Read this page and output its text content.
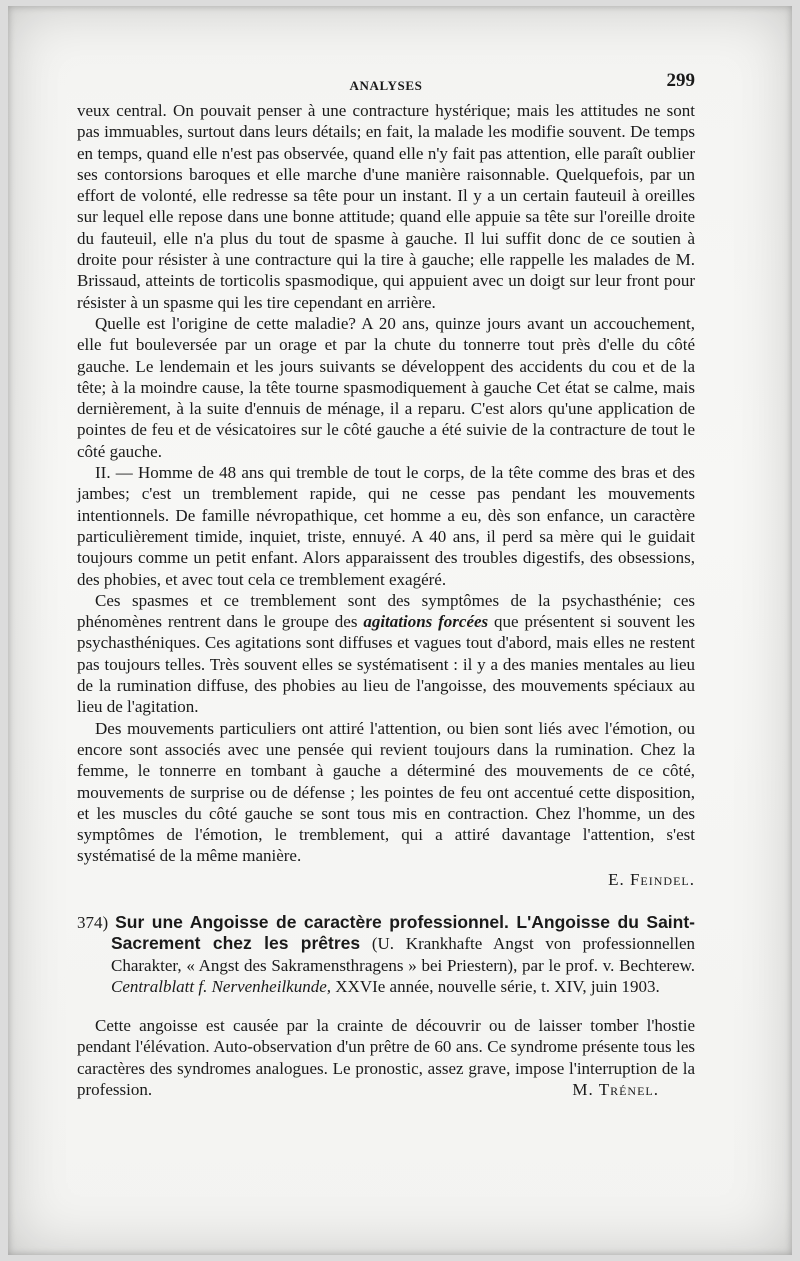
ANALYSES	299

veux central. On pouvait penser à une contracture hystérique; mais les attitudes ne sont pas immuables, surtout dans leurs détails; en fait, la malade les modifie souvent. De temps en temps, quand elle n'est pas observée, quand elle n'y fait pas attention, elle paraît oublier ses contorsions baroques et elle marche d'une manière raisonnable. Quelquefois, par un effort de volonté, elle redresse sa tête pour un instant. Il y a un certain fauteuil à oreilles sur lequel elle repose dans une bonne attitude; quand elle appuie sa tête sur l'oreille droite du fauteuil, elle n'a plus du tout de spasme à gauche. Il lui suffit donc de ce soutien à droite pour résister à une contracture qui la tire à gauche; elle rappelle les malades de M. Brissaud, atteints de torticolis spasmodique, qui appuient avec un doigt sur leur front pour résister à un spasme qui les tire cependant en arrière.

Quelle est l'origine de cette maladie? A 20 ans, quinze jours avant un accouchement, elle fut bouleversée par un orage et par la chute du tonnerre tout près d'elle du côté gauche. Le lendemain et les jours suivants se développent des accidents du cou et de la tête; à la moindre cause, la tête tourne spasmodiquement à gauche Cet état se calme, mais dernièrement, à la suite d'ennuis de ménage, il a reparu. C'est alors qu'une application de pointes de feu et de vésicatoires sur le côté gauche a été suivie de la contracture de tout le côté gauche.

II. — Homme de 48 ans qui tremble de tout le corps, de la tête comme des bras et des jambes; c'est un tremblement rapide, qui ne cesse pas pendant les mouvements intentionnels. De famille névropathique, cet homme a eu, dès son enfance, un caractère particulièrement timide, inquiet, triste, ennuyé. A 40 ans, il perd sa mère qui le guidait toujours comme un petit enfant. Alors apparaissent des troubles digestifs, des obsessions, des phobies, et avec tout cela ce tremblement exagéré.

Ces spasmes et ce tremblement sont des symptômes de la psychasthénie; ces phénomènes rentrent dans le groupe des agitations forcées que présentent si souvent les psychasthéniques. Ces agitations sont diffuses et vagues tout d'abord, mais elles ne restent pas toujours telles. Très souvent elles se systématisent : il y a des manies mentales au lieu de la rumination diffuse, des phobies au lieu de l'angoisse, des mouvements spéciaux au lieu de l'agitation.

Des mouvements particuliers ont attiré l'attention, ou bien sont liés avec l'émotion, ou encore sont associés avec une pensée qui revient toujours dans la rumination. Chez la femme, le tonnerre en tombant à gauche a déterminé des mouvements de ce côté, mouvements de surprise ou de défense ; les pointes de feu ont accentué cette disposition, et les muscles du côté gauche se sont tous mis en contraction. Chez l'homme, un des symptômes de l'émotion, le tremblement, qui a attiré davantage l'attention, s'est systématisé de la même manière.

E. Feindel.

374) Sur une Angoisse de caractère professionnel. L'Angoisse du Saint-Sacrement chez les prêtres (U. Krankhafte Angst von professionnellen Charakter, « Angst des Sakramensthragens » bei Priestern), par le prof. v. Bechterew. Centralblatt f. Nervenheilkunde, XXVIe année, nouvelle série, t. XIV, juin 1903.

Cette angoisse est causée par la crainte de découvrir ou de laisser tomber l'hostie pendant l'élévation. Auto-observation d'un prêtre de 60 ans. Ce syndrome présente tous les caractères des syndromes analogues. Le pronostic, assez grave, impose l'interruption de la profession.	M. Trénel.
